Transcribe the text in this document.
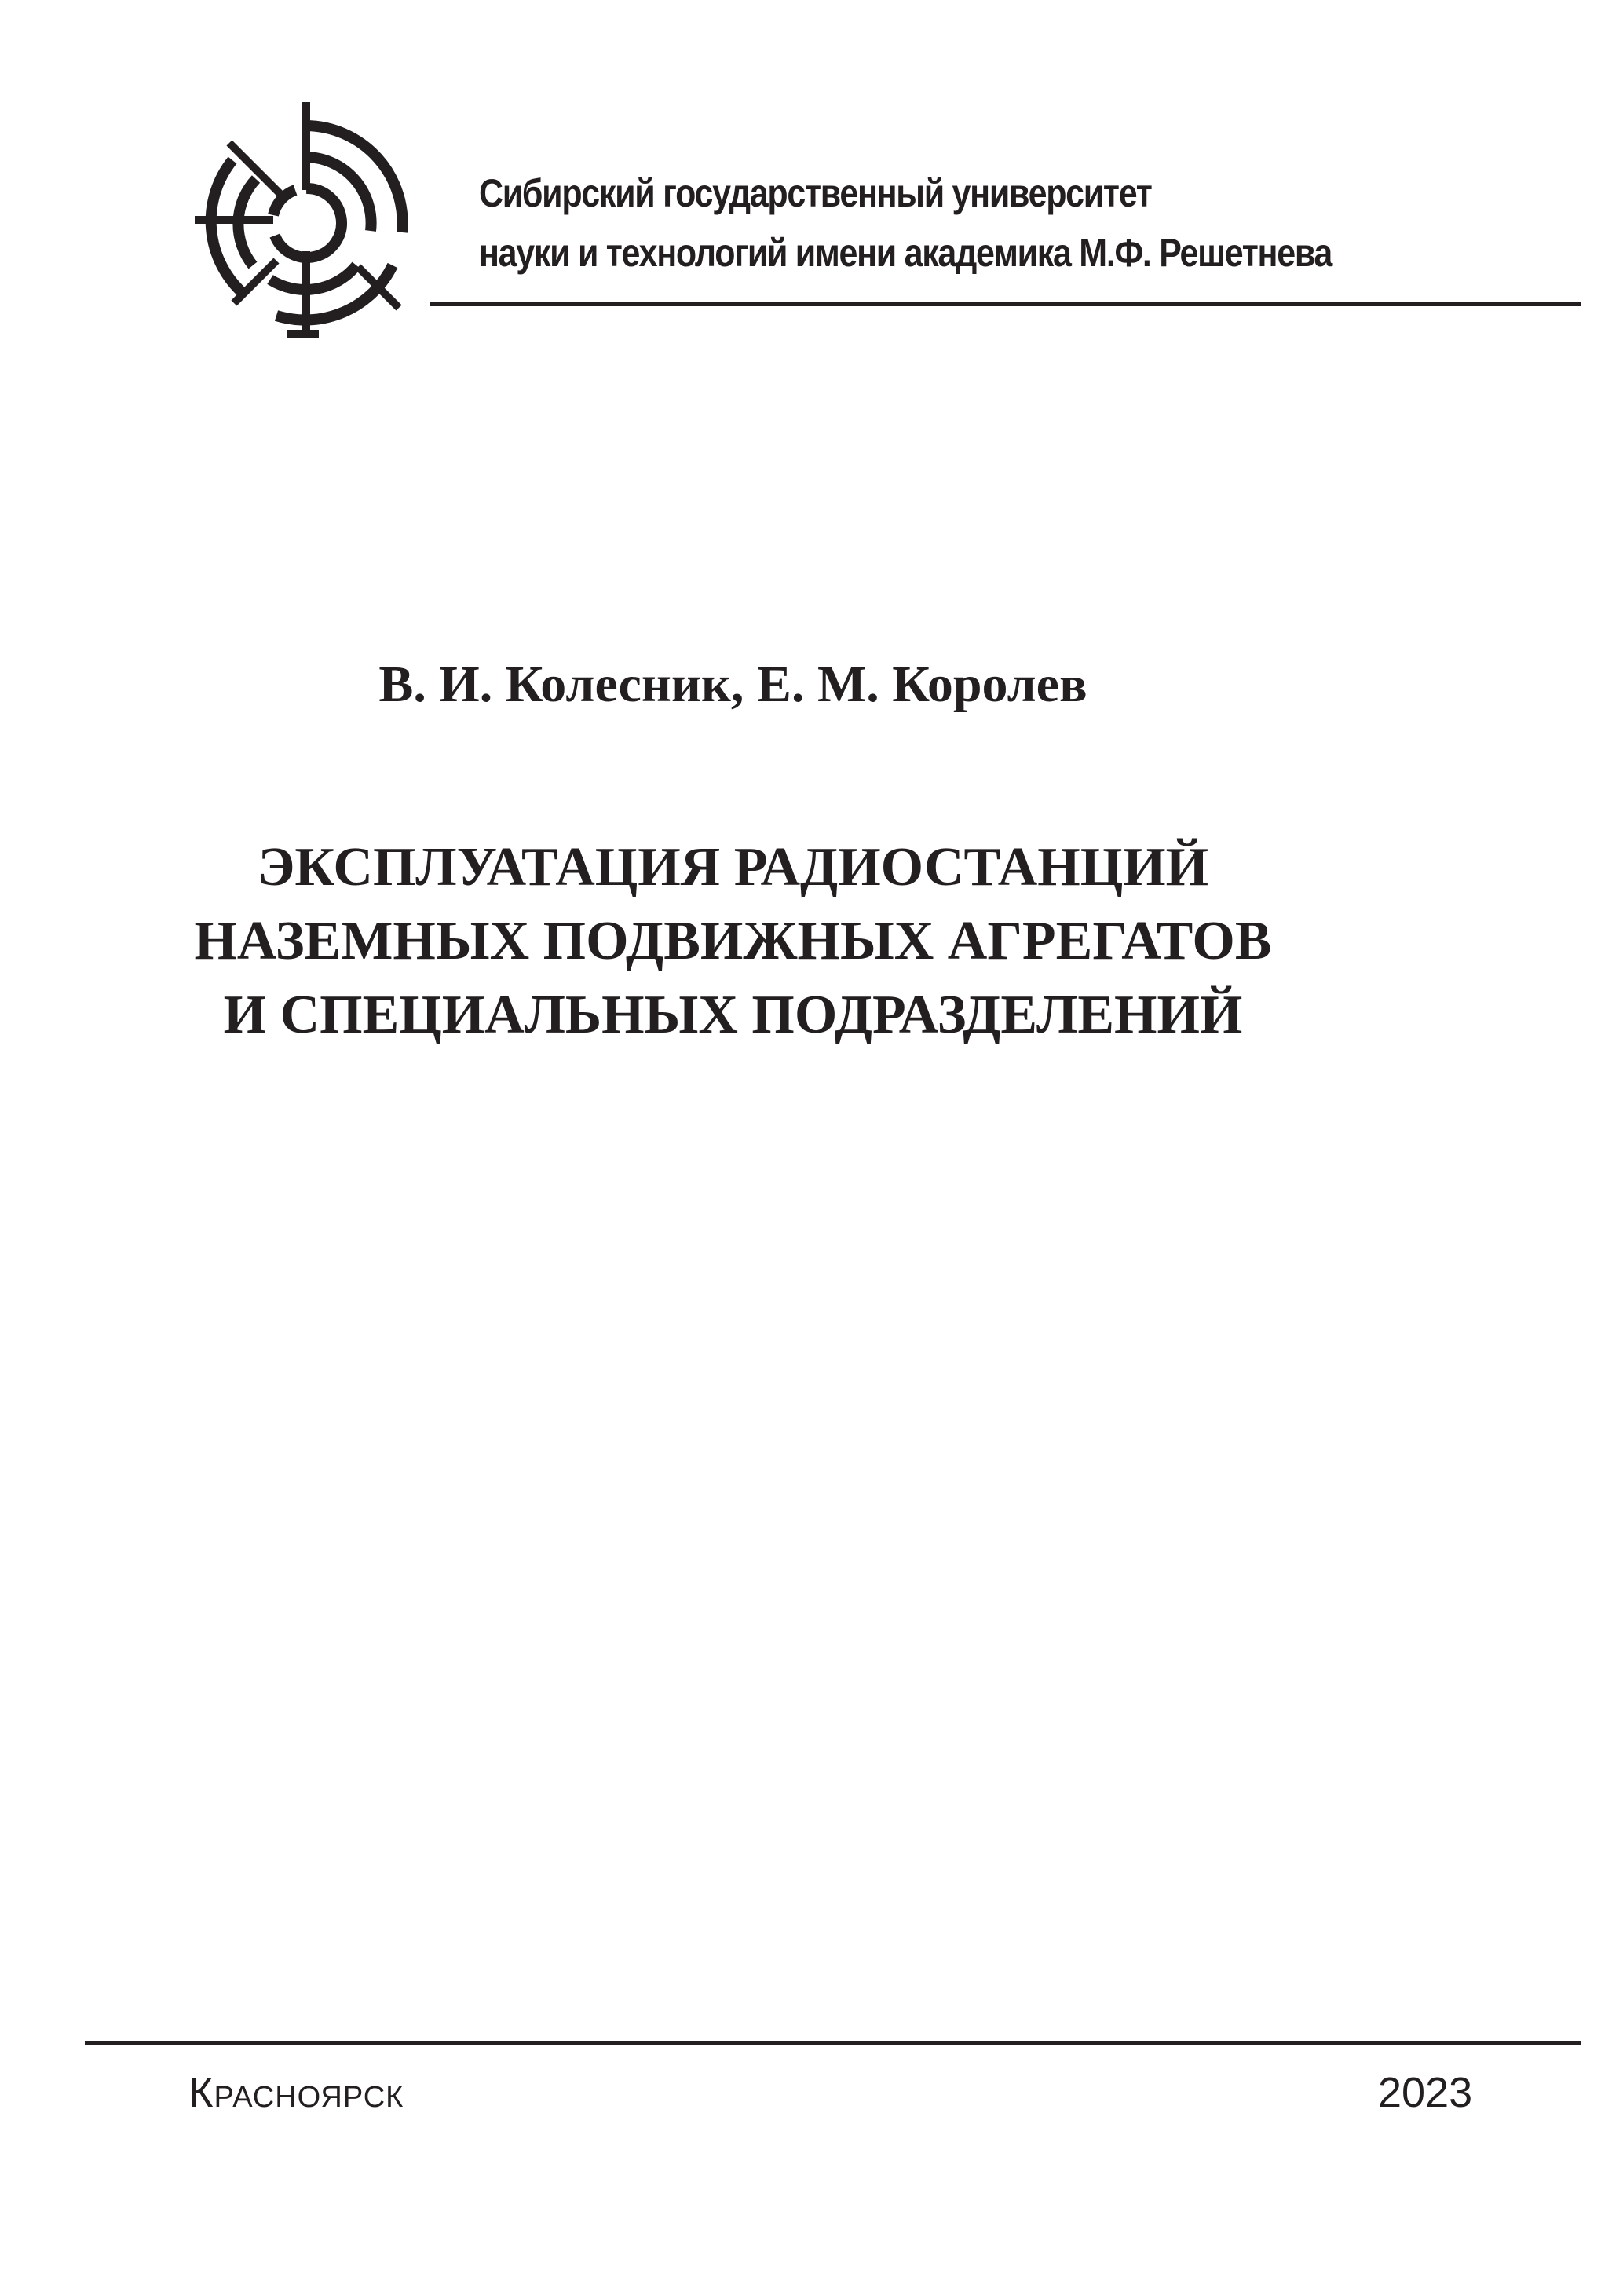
Сибирский государственный университет
науки и технологий имени академика М.Ф. Решетнева
В. И. Колесник, Е. М. Королев
ЭКСПЛУАТАЦИЯ РАДИОСТАНЦИЙ
НАЗЕМНЫХ ПОДВИЖНЫХ АГРЕГАТОВ
И СПЕЦИАЛЬНЫХ ПОДРАЗДЕЛЕНИЙ
Красноярск	2023
